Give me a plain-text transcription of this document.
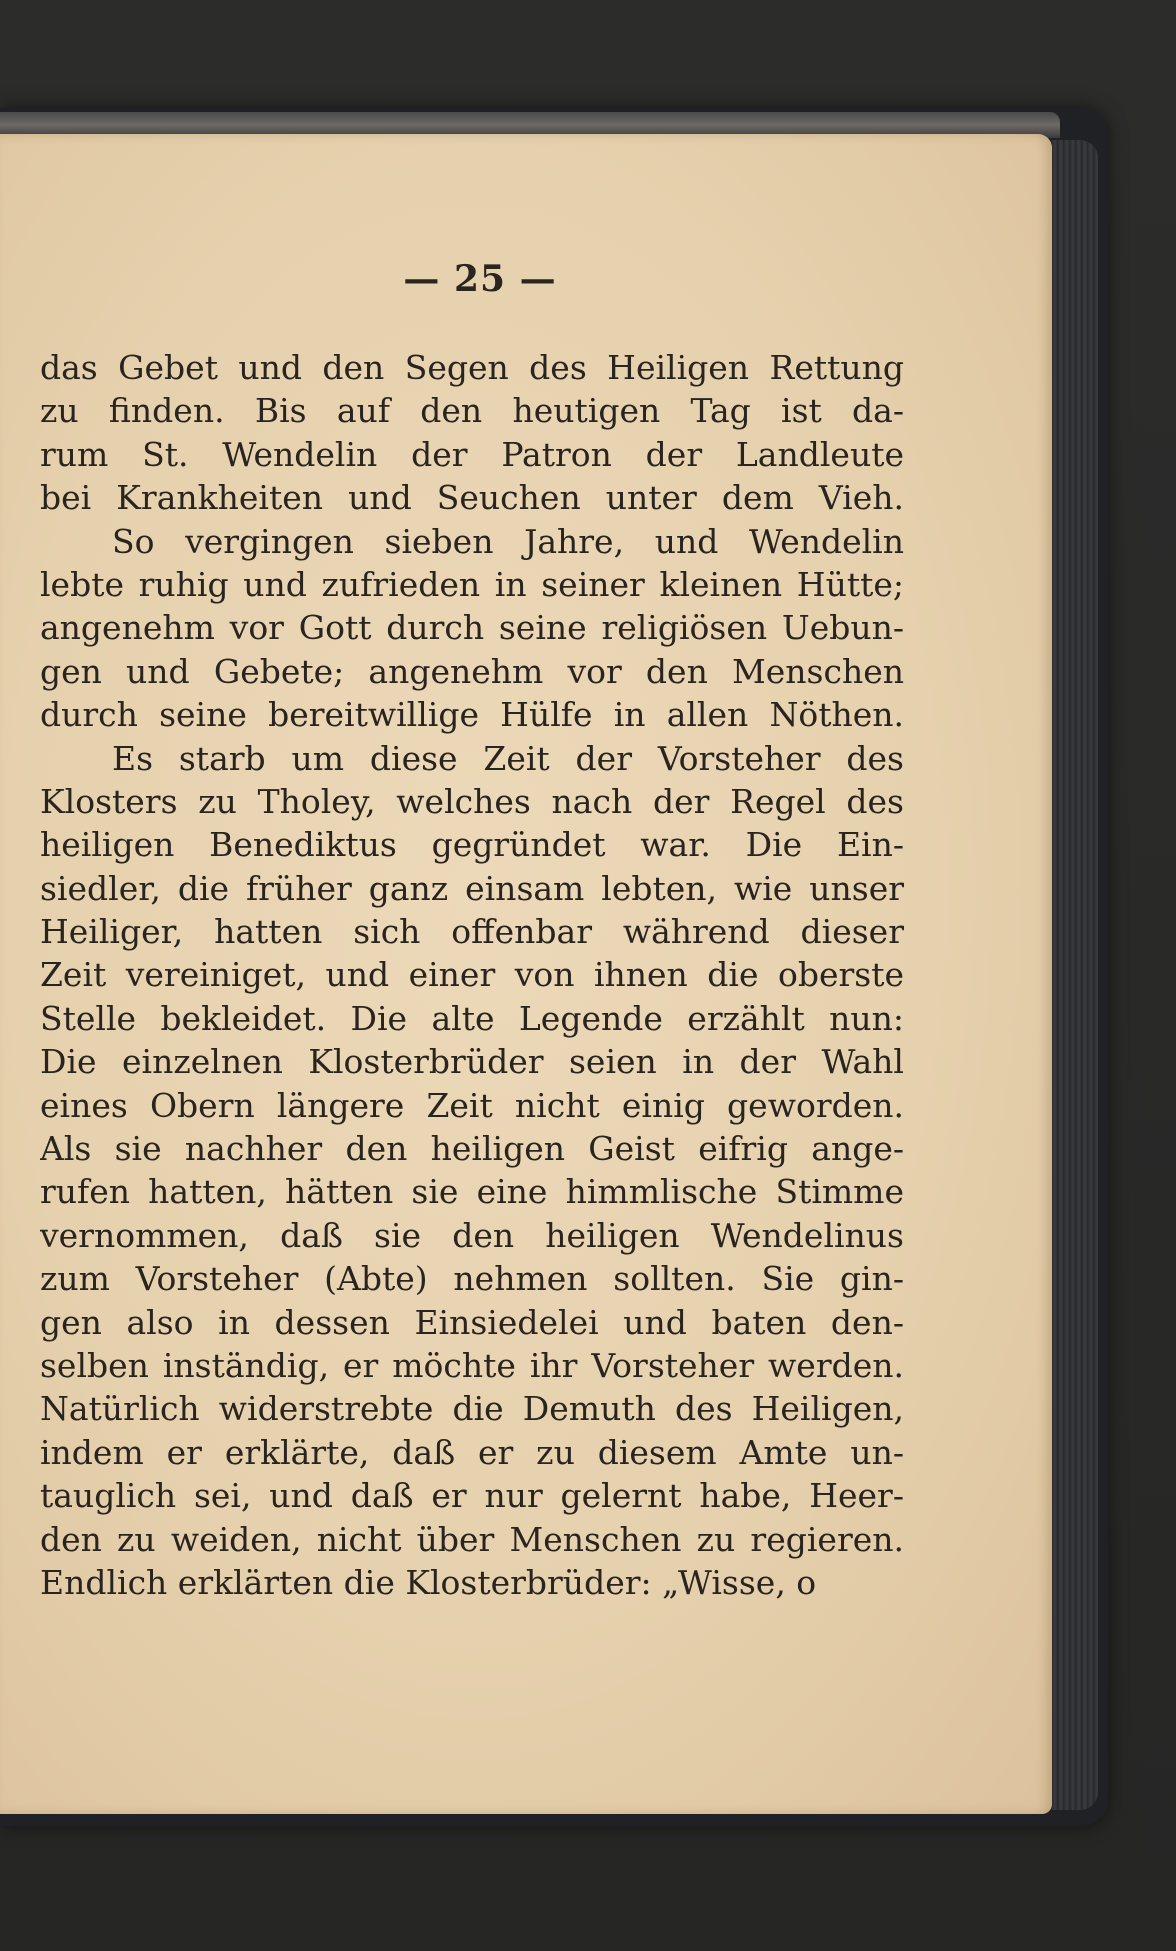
— 25 —
das Gebet und den Segen des Heiligen Rettung
zu finden. Bis auf den heutigen Tag ist da-
rum St. Wendelin der Patron der Landleute
bei Krankheiten und Seuchen unter dem Vieh.
So vergingen sieben Jahre, und Wendelin
lebte ruhig und zufrieden in seiner kleinen Hütte;
angenehm vor Gott durch seine religiösen Uebun-
gen und Gebete; angenehm vor den Menschen
durch seine bereitwillige Hülfe in allen Nöthen.
Es starb um diese Zeit der Vorsteher des
Klosters zu Tholey, welches nach der Regel des
heiligen Benediktus gegründet war. Die Ein-
siedler, die früher ganz einsam lebten, wie unser
Heiliger, hatten sich offenbar während dieser
Zeit vereiniget, und einer von ihnen die oberste
Stelle bekleidet. Die alte Legende erzählt nun:
Die einzelnen Klosterbrüder seien in der Wahl
eines Obern längere Zeit nicht einig geworden.
Als sie nachher den heiligen Geist eifrig ange-
rufen hatten, hätten sie eine himmlische Stimme
vernommen, daß sie den heiligen Wendelinus
zum Vorsteher (Abte) nehmen sollten. Sie gin-
gen also in dessen Einsiedelei und baten den-
selben inständig, er möchte ihr Vorsteher werden.
Natürlich widerstrebte die Demuth des Heiligen,
indem er erklärte, daß er zu diesem Amte un-
tauglich sei, und daß er nur gelernt habe, Heer-
den zu weiden, nicht über Menschen zu regieren.
Endlich erklärten die Klosterbrüder: „Wisse, o
